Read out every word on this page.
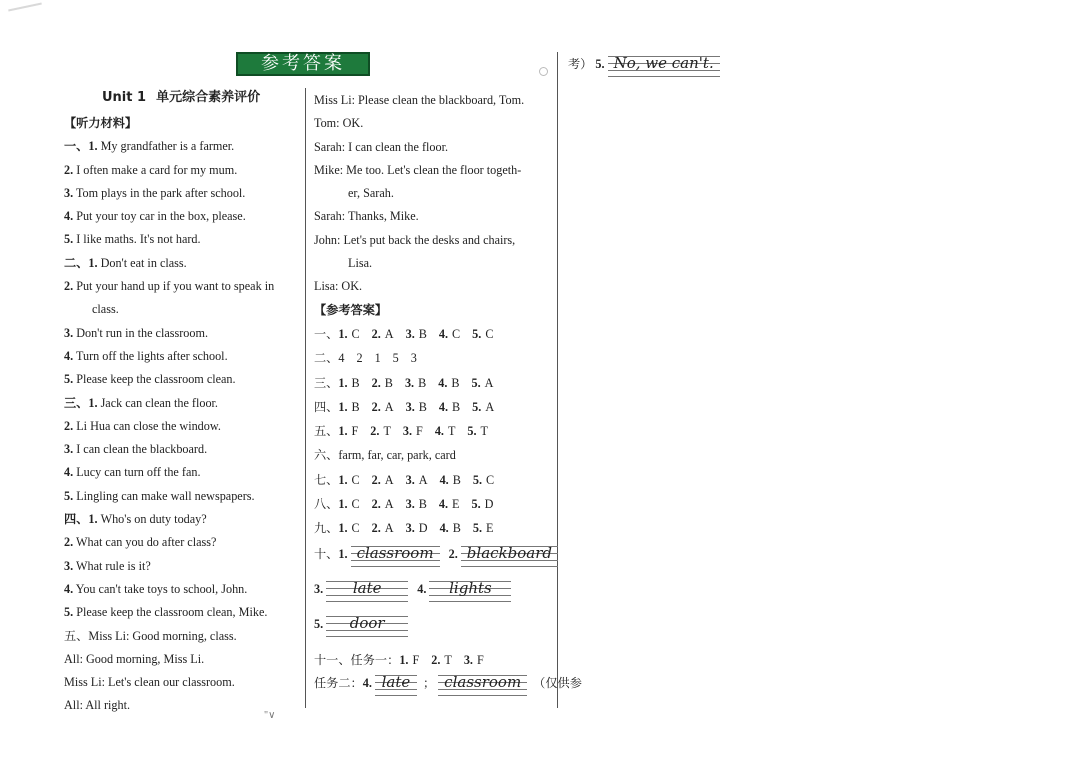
参考答案
Unit 1 单元综合素养评价
【听力材料】
一、1. My grandfather is a farmer.
2. I often make a card for my mum.
3. Tom plays in the park after school.
4. Put your toy car in the box, please.
5. I like maths. It's not hard.
二、1. Don't eat in class.
2. Put your hand up if you want to speak in
class.
3. Don't run in the classroom.
4. Turn off the lights after school.
5. Please keep the classroom clean.
三、1. Jack can clean the floor.
2. Li Hua can close the window.
3. I can clean the blackboard.
4. Lucy can turn off the fan.
5. Lingling can make wall newspapers.
四、1. Who's on duty today?
2. What can you do after class?
3. What rule is it?
4. You can't take toys to school, John.
5. Please keep the classroom clean, Mike.
五、Miss Li: Good morning, class.
All: Good morning, Miss Li.
Miss Li: Let's clean our classroom.
All: All right.
Miss Li: Please clean the blackboard, Tom.
Tom: OK.
Sarah: I can clean the floor.
Mike: Me too. Let's clean the floor togeth-
er, Sarah.
Sarah: Thanks, Mike.
John: Let's put back the desks and chairs,
Lisa.
Lisa: OK.
【参考答案】
一、1. C 2. A 3. B 4. C 5. C
二、4 2 1 5 3
三、1. B 2. B 3. B 4. B 5. A
四、1. B 2. A 3. B 4. B 5. A
五、1. F 2. T 3. F 4. T 5. T
六、farm, far, car, park, card
七、1. C 2. A 3. A 4. B 5. C
八、1. C 2. A 3. B 4. E 5. D
九、1. C 2. A 3. D 4. B 5. E
十、1. classroom 2. blackboard
3. late	4. lights
5. door
十一、任务一：1. F 2. T 3. F
任务二：4. late ； classroom （仅供参
考） 5. No, we can't.
"∨
